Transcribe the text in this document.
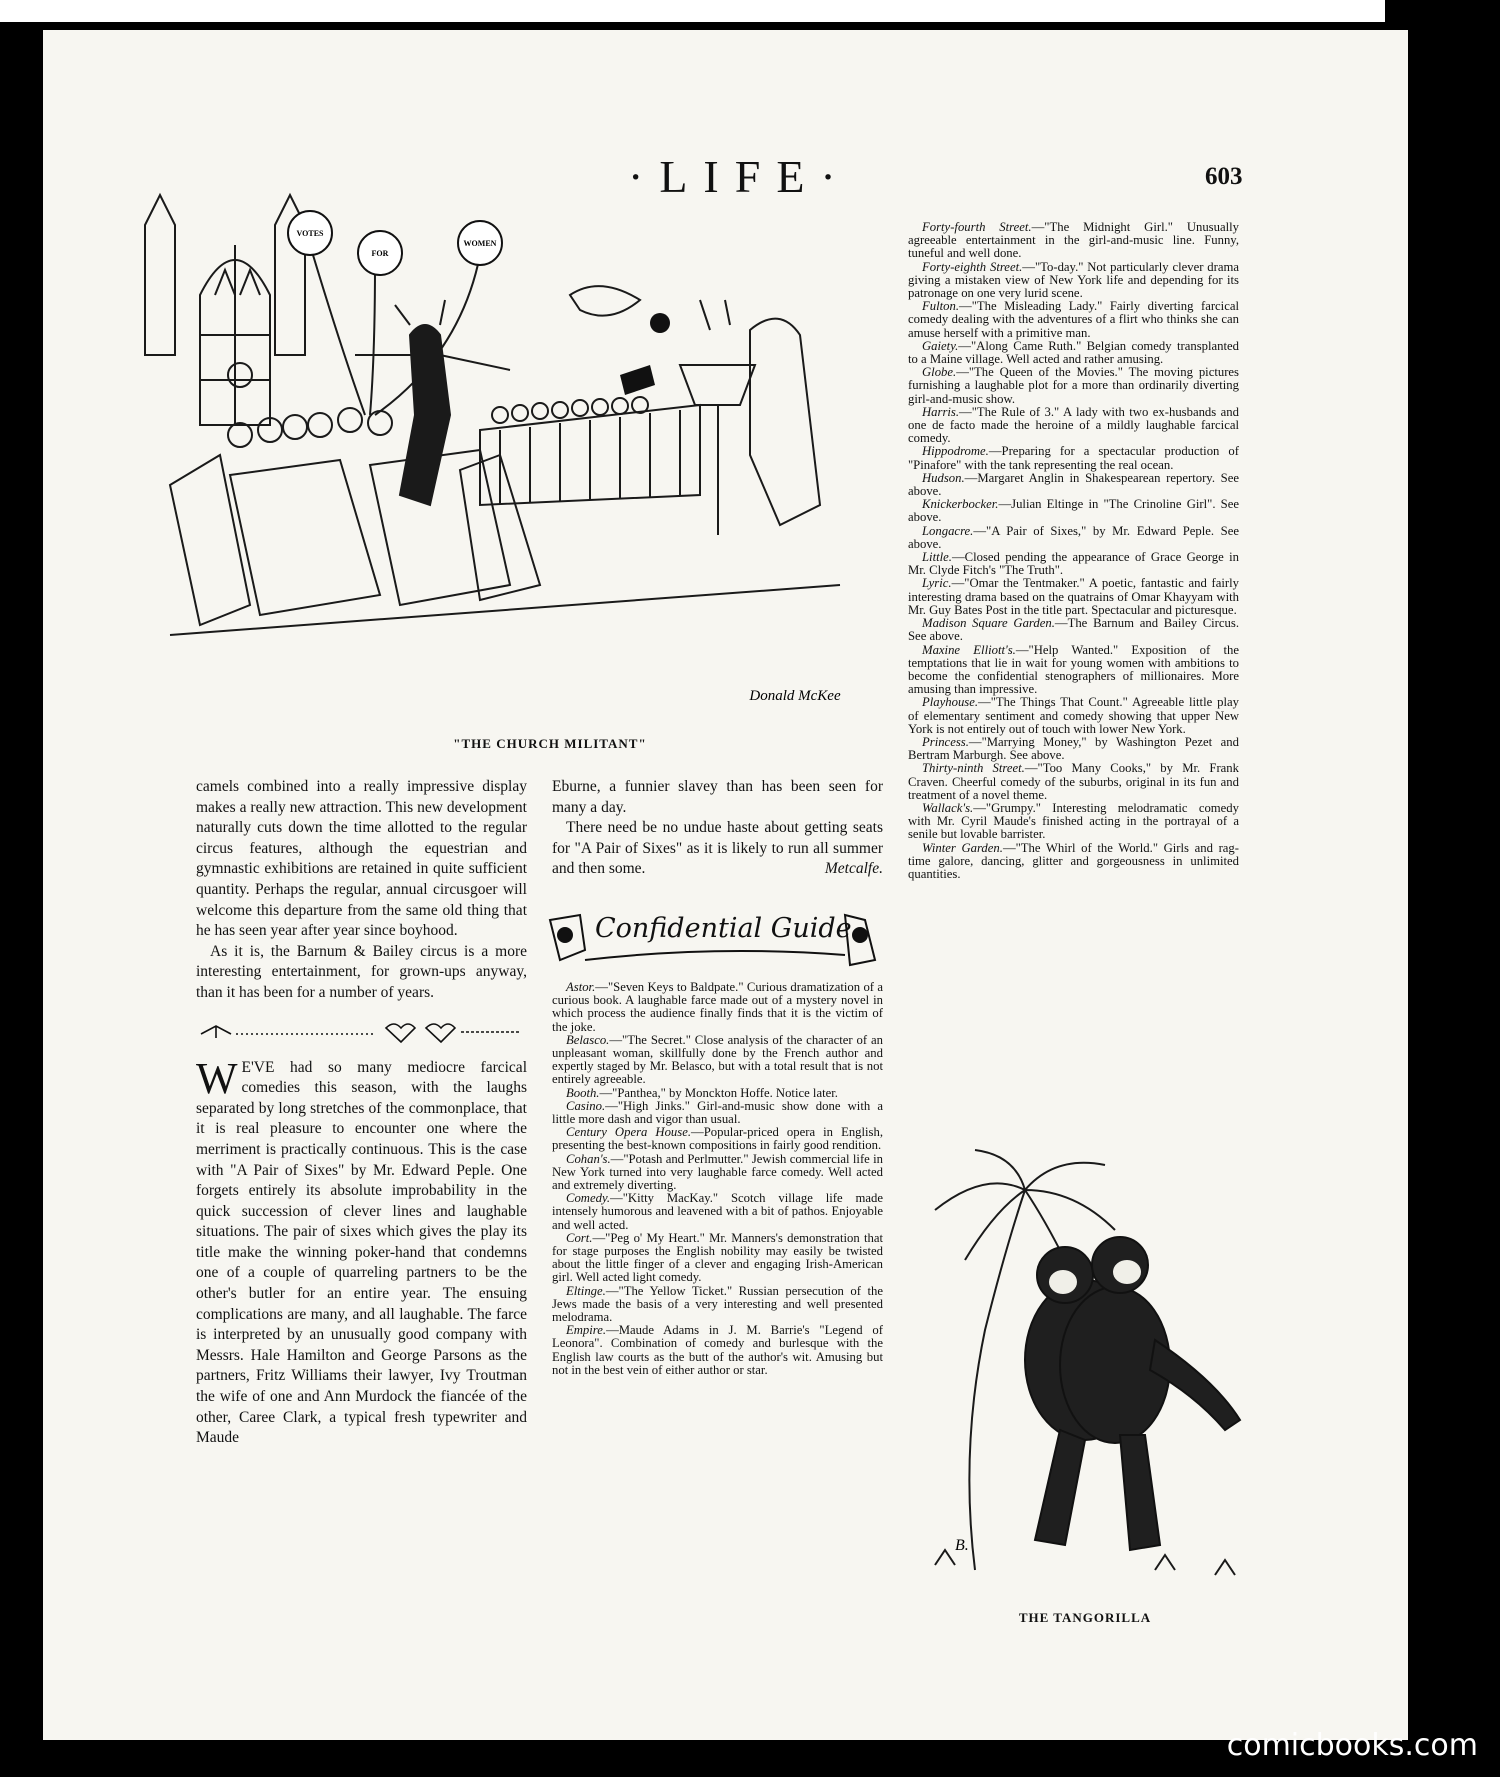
·LIFE·	603
VOTES
FOR
WOMEN
Donald McKee
"THE CHURCH MILITANT"

camels combined into a really impressive display makes a really new attraction. This new development naturally cuts down the time allotted to the regular circus features, although the equestrian and gymnastic exhibitions are retained in quite sufficient quantity. Perhaps the regular, annual circusgoer will welcome this departure from the same old thing that he has seen year after year since boyhood.

As it is, the Barnum & Bailey circus is a more interesting entertainment, for grown-ups anyway, than it has been for a number of years.

W E'VE had so many mediocre farcical comedies this season, with the laughs separated by long stretches of the commonplace, that it is real pleasure to encounter one where the merriment is practically continuous. This is the case with "A Pair of Sixes" by Mr. Edward Peple. One forgets entirely its absolute improbability in the quick succession of clever lines and laughable situations. The pair of sixes which gives the play its title make the winning poker-hand that condemns one of a couple of quarreling partners to be the other's butler for an entire year. The ensuing complications are many, and all laughable. The farce is interpreted by an unusually good company with Messrs. Hale Hamilton and George Parsons as the partners, Fritz Williams their lawyer, Ivy Troutman the wife of one and Ann Murdock the fiancée of the other, Caree Clark, a typical fresh typewriter and Maude

Eburne, a funnier slavey than has been seen for many a day.

There need be no undue haste about getting seats for "A Pair of Sixes" as it is likely to run all summer and then some.	Metcalfe.

Confidential Guide

Astor.—"Seven Keys to Baldpate." Curious dramatization of a curious book. A laughable farce made out of a mystery novel in which process the audience finally finds that it is the victim of the joke.

Belasco.—"The Secret." Close analysis of the character of an unpleasant woman, skillfully done by the French author and expertly staged by Mr. Belasco, but with a total result that is not entirely agreeable.

Booth.—"Panthea," by Monckton Hoffe. Notice later.

Casino.—"High Jinks." Girl-and-music show done with a little more dash and vigor than usual.

Century Opera House.—Popular-priced opera in English, presenting the best-known compositions in fairly good rendition.

Cohan's.—"Potash and Perlmutter." Jewish commercial life in New York turned into very laughable farce comedy. Well acted and extremely diverting.

Comedy.—"Kitty MacKay." Scotch village life made intensely humorous and leavened with a bit of pathos. Enjoyable and well acted.

Cort.—"Peg o' My Heart." Mr. Manners's demonstration that for stage purposes the English nobility may easily be twisted about the little finger of a clever and engaging Irish-American girl. Well acted light comedy.

Eltinge.—"The Yellow Ticket." Russian persecution of the Jews made the basis of a very interesting and well presented melodrama.

Empire.—Maude Adams in J. M. Barrie's "Legend of Leonora". Combination of comedy and burlesque with the English law courts as the butt of the author's wit. Amusing but not in the best vein of either author or star.

Forty-fourth Street.—"The Midnight Girl." Unusually agreeable entertainment in the girl-and-music line. Funny, tuneful and well done.

Forty-eighth Street.—"To-day." Not particularly clever drama giving a mistaken view of New York life and depending for its patronage on one very lurid scene.

Fulton.—"The Misleading Lady." Fairly diverting farcical comedy dealing with the adventures of a flirt who thinks she can amuse herself with a primitive man.

Gaiety.—"Along Came Ruth." Belgian comedy transplanted to a Maine village. Well acted and rather amusing.

Globe.—"The Queen of the Movies." The moving pictures furnishing a laughable plot for a more than ordinarily diverting girl-and-music show.

Harris.—"The Rule of 3." A lady with two ex-husbands and one de facto made the heroine of a mildly laughable farcical comedy.

Hippodrome.—Preparing for a spectacular production of "Pinafore" with the tank representing the real ocean.

Hudson.—Margaret Anglin in Shakespearean repertory. See above.

Knickerbocker.—Julian Eltinge in "The Crinoline Girl". See above.

Longacre.—"A Pair of Sixes," by Mr. Edward Peple. See above.

Little.—Closed pending the appearance of Grace George in Mr. Clyde Fitch's "The Truth".

Lyric.—"Omar the Tentmaker." A poetic, fantastic and fairly interesting drama based on the quatrains of Omar Khayyam with Mr. Guy Bates Post in the title part. Spectacular and picturesque.

Madison Square Garden.—The Barnum and Bailey Circus. See above.

Maxine Elliott's.—"Help Wanted." Exposition of the temptations that lie in wait for young women with ambitions to become the confidential stenographers of millionaires. More amusing than impressive.

Playhouse.—"The Things That Count." Agreeable little play of elementary sentiment and comedy showing that upper New York is not entirely out of touch with lower New York.

Princess.—"Marrying Money," by Washington Pezet and Bertram Marburgh. See above.

Thirty-ninth Street.—"Too Many Cooks," by Mr. Frank Craven. Cheerful comedy of the suburbs, original in its fun and treatment of a novel theme.

Wallack's.—"Grumpy." Interesting melodramatic comedy with Mr. Cyril Maude's finished acting in the portrayal of a senile but lovable barrister.

Winter Garden.—"The Whirl of the World." Girls and rag-time galore, dancing, glitter and gorgeousness in unlimited quantities.

B.
THE TANGORILLA
comicbooks.com
